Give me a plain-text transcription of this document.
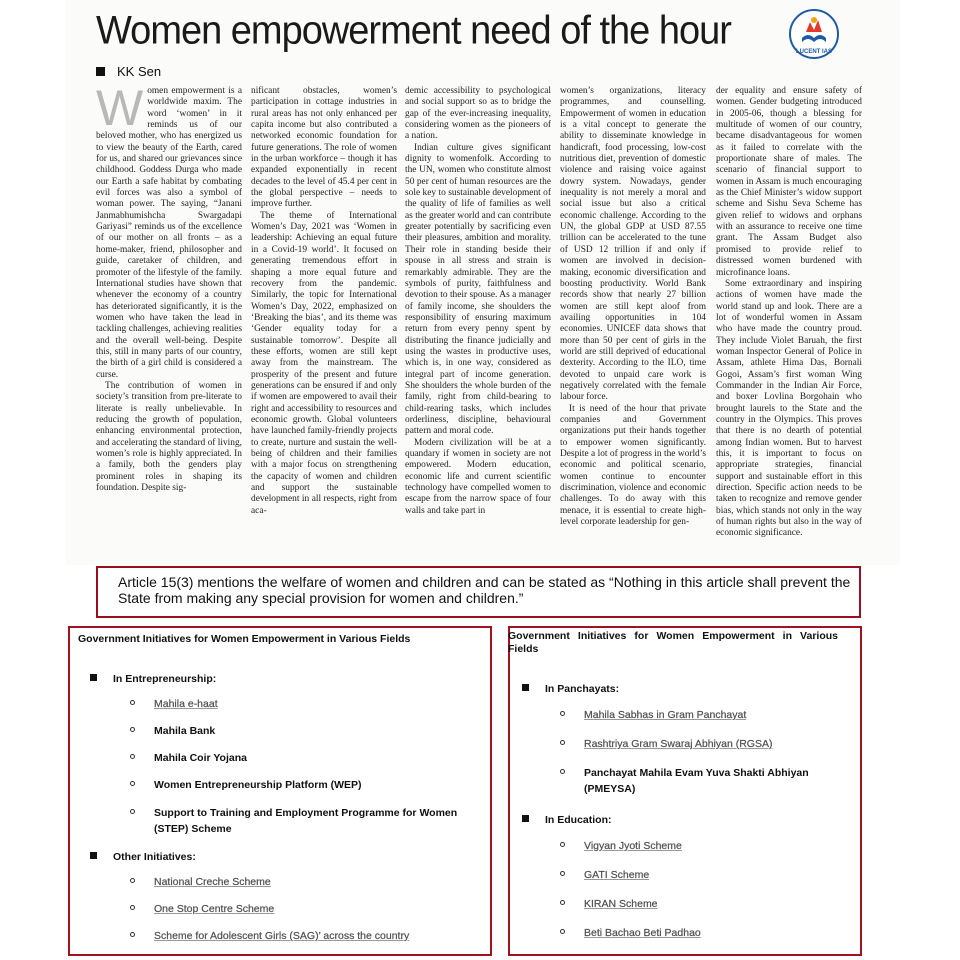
Women empowerment need of the hour	LUCENT IAS
KK Sen
W omen empowerment is a worldwide maxim. The word ‘women’ in it reminds us of our beloved mother, who has energized us to view the beauty of the Earth, cared for us, and shared our grievances since childhood. Goddess Durga who made our Earth a safe habitat by combating evil forces was also a symbol of woman power. The saying, “Janani Janmabhumishcha Swargadapi Gariyasi” reminds us of the excellence of our mother on all fronts – as a home-maker, friend, philosopher and guide, caretaker of children, and promoter of the lifestyle of the family. International studies have shown that whenever the economy of a country has deteriorated significantly, it is the women who have taken the lead in tackling challenges, achieving realities and the overall well-being. Despite this, still in many parts of our country, the birth of a girl child is considered a curse.

The contribution of women in society’s transition from pre-literate to literate is really unbelievable. In reducing the growth of population, enhancing environmental protection, and accelerating the standard of living, women’s role is highly appreciated. In a family, both the genders play prominent roles in shaping its foundation. Despite sig-

nificant obstacles, women’s participation in cottage industries in rural areas has not only enhanced per capita income but also contributed a networked economic foundation for future generations. The role of women in the urban workforce – though it has expanded exponentially in recent decades to the level of 45.4 per cent in the global perspective – needs to improve further.

The theme of International Women’s Day, 2021 was ‘Women in leadership: Achieving an equal future in a Covid-19 world’. It focused on generating tremendous effort in shaping a more equal future and recovery from the pandemic. Similarly, the topic for International Women’s Day, 2022, emphasized on ‘Breaking the bias’, and its theme was ‘Gender equality today for a sustainable tomorrow’. Despite all these efforts, women are still kept away from the mainstream. The prosperity of the present and future generations can be ensured if and only if women are empowered to avail their right and accessibility to resources and economic growth. Global volunteers have launched family-friendly projects to create, nurture and sustain the well-being of children and their families with a major focus on strengthening the capacity of women and children and support the sustainable development in all respects, right from aca-

demic accessibility to psychological and social support so as to bridge the gap of the ever-increasing inequality, considering women as the pioneers of a nation.

Indian culture gives significant dignity to womenfolk. According to the UN, women who constitute almost 50 per cent of human resources are the sole key to sustainable development of the quality of life of families as well as the greater world and can contribute greater potentially by sacrificing even their pleasures, ambition and morality. Their role in standing beside their spouse in all stress and strain is remarkably admirable. They are the symbols of purity, faithfulness and devotion to their spouse. As a manager of family income, she shoulders the responsibility of ensuring maximum return from every penny spent by distributing the finance judicially and using the wastes in productive uses, which is, in one way, considered as integral part of income generation. She shoulders the whole burden of the family, right from child-bearing to child-rearing tasks, which includes orderliness, discipline, behavioural pattern and moral code.

Modern civilization will be at a quandary if women in society are not empowered. Modern education, economic life and current scientific technology have compelled women to escape from the narrow space of four walls and take part in

women’s organizations, literacy programmes, and counselling. Empowerment of women in education is a vital concept to generate the ability to disseminate knowledge in handicraft, food processing, low-cost nutritious diet, prevention of domestic violence and raising voice against dowry system. Nowadays, gender inequality is not merely a moral and social issue but also a critical economic challenge. According to the UN, the global GDP at USD 87.55 trillion can be accelerated to the tune of USD 12 trillion if and only if women are involved in decision-making, economic diversification and boosting productivity. World Bank records show that nearly 27 billion women are still kept aloof from availing opportunities in 104 economies. UNICEF data shows that more than 50 per cent of girls in the world are still deprived of educational dexterity. According to the ILO, time devoted to unpaid care work is negatively correlated with the female labour force.

It is need of the hour that private companies and Government organizations put their hands together to empower women significantly. Despite a lot of progress in the world’s economic and political scenario, women continue to encounter discrimination, violence and economic challenges. To do away with this menace, it is essential to create high-level corporate leadership for gen-

der equality and ensure safety of women. Gender budgeting introduced in 2005-06, though a blessing for multitude of women of our country, became disadvantageous for women as it failed to correlate with the proportionate share of males. The scenario of financial support to women in Assam is much encouraging as the Chief Minister’s widow support scheme and Sishu Seva Scheme has given relief to widows and orphans with an assurance to receive one time grant. The Assam Budget also promised to provide relief to distressed women burdened with microfinance loans.

Some extraordinary and inspiring actions of women have made the world stand up and look. There are a lot of wonderful women in Assam who have made the country proud. They include Violet Baruah, the first woman Inspector General of Police in Assam, athlete Hima Das, Bornali Gogoi, Assam’s first woman Wing Commander in the Indian Air Force, and boxer Lovlina Borgohain who brought laurels to the State and the country in the Olympics. This proves that there is no dearth of potential among Indian women. But to harvest this, it is important to focus on appropriate strategies, financial support and sustainable effort in this direction. Specific action needs to be taken to recognize and remove gender bias, which stands not only in the way of human rights but also in the way of economic significance.

Article 15(3) mentions the welfare of women and children and can be stated as “Nothing in this article shall prevent the State from making any special provision for women and children.”
Government Initiatives for Women Empowerment in Various Fields
In Entrepreneurship:
Mahila e-haat
Mahila Bank
Mahila Coir Yojana
Women Entrepreneurship Platform (WEP)
Support to Training and Employment Programme for Women (STEP) Scheme
Other Initiatives:
National Creche Scheme
One Stop Centre Scheme
Scheme for Adolescent Girls (SAG)’ across the country
Government Initiatives for Women Empowerment in Various Fields
In Panchayats:
Mahila Sabhas in Gram Panchayat
Rashtriya Gram Swaraj Abhiyan (RGSA)
Panchayat Mahila Evam Yuva Shakti Abhiyan (PMEYSA)
In Education:
Vigyan Jyoti Scheme
GATI Scheme
KIRAN Scheme
Beti Bachao Beti Padhao
